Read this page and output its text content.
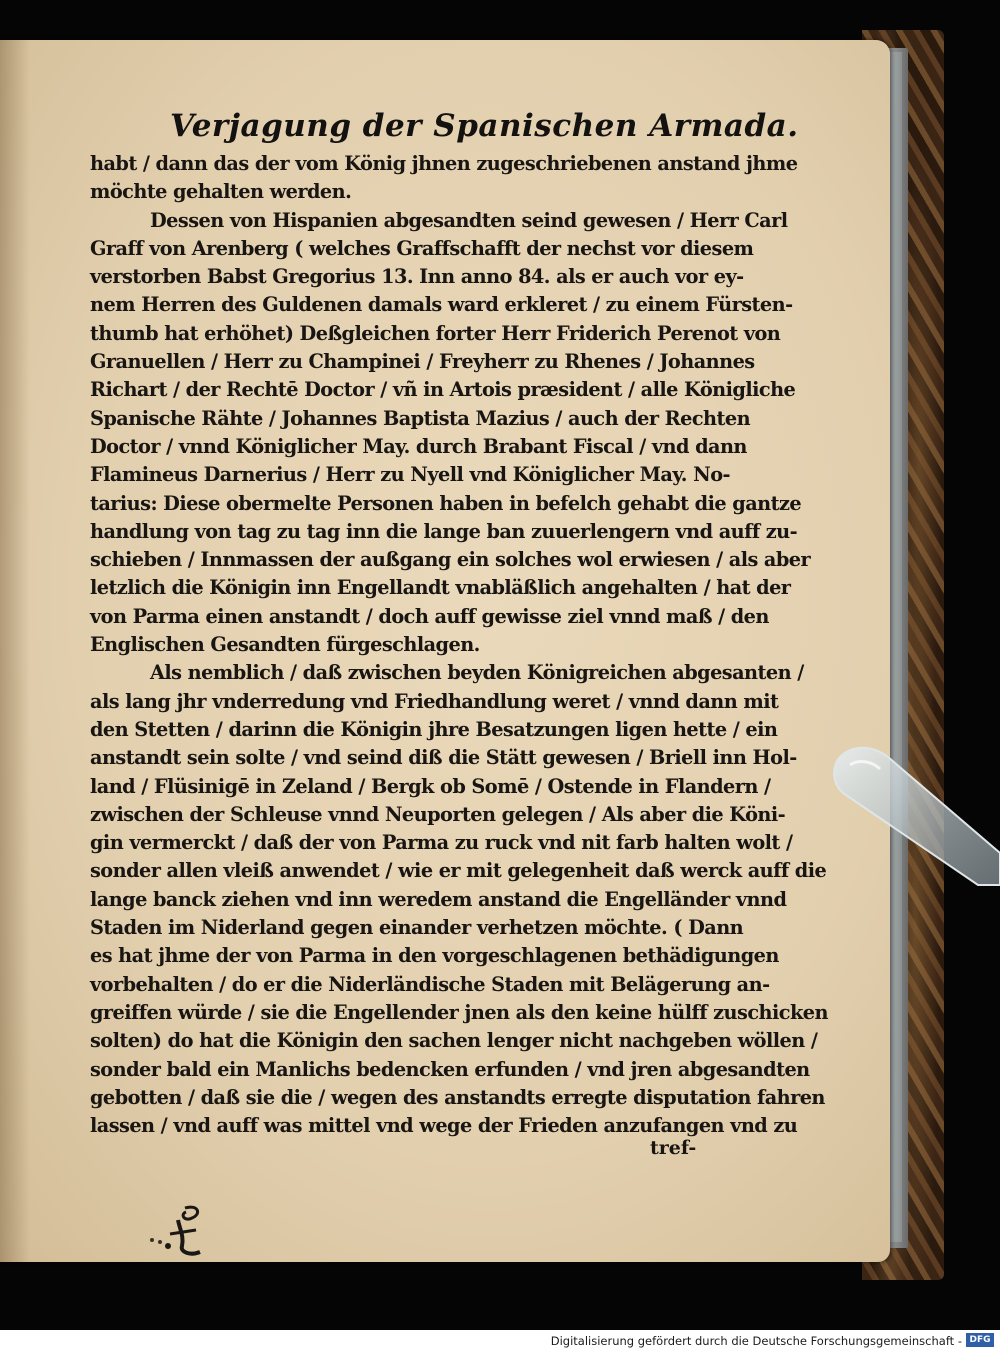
Verjagung der Spanischen Armada.
habt / dann das der vom König jhnen zugeschriebenen anstand jhme
möchte gehalten werden.
Dessen von Hispanien abgesandten seind gewesen / Herr Carl
Graff von Arenberg ( welches Graffschafft der nechst vor diesem
verstorben Babst Gregorius 13. Inn anno 84. als er auch vor ey-
nem Herren des Guldenen damals ward erkleret / zu einem Fürsten-
thumb hat erhöhet) Deßgleichen forter Herr Friderich Perenot von
Granuellen / Herr zu Champinei / Freyherr zu Rhenes / Johannes
Richart / der Rechtē Doctor / vñ in Artois præsident / alle Königliche
Spanische Rähte / Johannes Baptista Mazius / auch der Rechten
Doctor / vnnd Königlicher May. durch Brabant Fiscal / vnd dann
Flamineus Darnerius / Herr zu Nyell vnd Königlicher May. No-
tarius: Diese obermelte Personen haben in befelch gehabt die gantze
handlung von tag zu tag inn die lange ban zuuerlengern vnd auff zu-
schieben / Innmassen der außgang ein solches wol erwiesen / als aber
letzlich die Königin inn Engellandt vnabläßlich angehalten / hat der
von Parma einen anstandt / doch auff gewisse ziel vnnd maß / den
Englischen Gesandten fürgeschlagen.
Als nemblich / daß zwischen beyden Königreichen abgesanten /
als lang jhr vnderredung vnd Friedhandlung weret / vnnd dann mit
den Stetten / darinn die Königin jhre Besatzungen ligen hette / ein
anstandt sein solte / vnd seind diß die Stätt gewesen / Briell inn Hol-
land / Flüsinigē in Zeland / Bergk ob Somē / Ostende in Flandern /
zwischen der Schleuse vnnd Neuporten gelegen / Als aber die Köni-
gin vermerckt / daß der von Parma zu ruck vnd nit farb halten wolt /
sonder allen vleiß anwendet / wie er mit gelegenheit daß werck auff die
lange banck ziehen vnd inn weredem anstand die Engelländer vnnd
Staden im Niderland gegen einander verhetzen möchte. ( Dann
es hat jhme der von Parma in den vorgeschlagenen bethädigungen
vorbehalten / do er die Niderländische Staden mit Belägerung an-
greiffen würde / sie die Engellender jnen als den keine hülff zuschicken
solten) do hat die Königin den sachen lenger nicht nachgeben wöllen /
sonder bald ein Manlichs bedencken erfunden / vnd jren abgesandten
gebotten / daß sie die / wegen des anstandts erregte disputation fahren
lassen / vnd auff was mittel vnd wege der Frieden anzufangen vnd zu
tref-
Digitalisierung gefördert durch die Deutsche Forschungsgemeinschaft - DFG
